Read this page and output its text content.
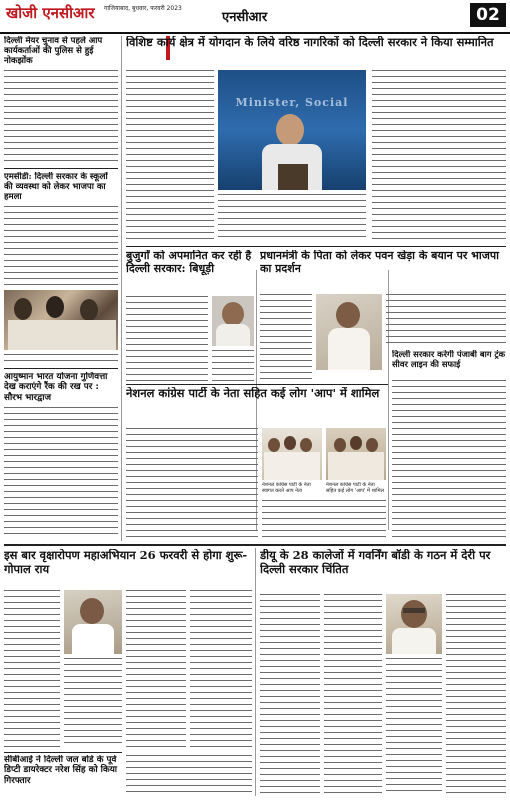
खोजी एनसीआर गाजियाबाद, बुधवार, फरवरी 2023
एनसीआर	02
दिल्ली मेयर चुनाव से पहले आप कार्यकर्ताओं की पुलिस से हुई नोकझोंक
एमसीडी: दिल्ली सरकार के स्कूलों की व्यवस्था को लेकर भाजपा का हमला
आयुष्मान भारत योजना गुणिवत्ता देख कराएंगे रैंक की रख पर : सौरभ भारद्वाज
विशिष्ट कार्य क्षेत्र में योगदान के लिये वरिष्ठ नागरिकों को दिल्ली सरकार ने किया सम्मानित
Minister, Social
बुजुर्गों को अपमानित कर रही है दिल्ली सरकार: बिधूड़ी
प्रधानमंत्री के पिता को लेकर पवन खेड़ा के बयान पर भाजपा का प्रदर्शन
दिल्ली सरकार करेगी पंजाबी बाग ट्रंक सीवर लाइन की सफाई
नेशनल कांग्रेस पार्टी के नेता सहित कई लोग 'आप' में शामिल
नेशनल कांग्रेस पार्टी के नेता स्वागत करते आप नेता
नेशनल कांग्रेस पार्टी के नेता सहित कई लोग 'आप' में शामिल
इस बार वृक्षारोपण महाअभियान 26 फरवरी से होगा शुरू- गोपाल राय
सीबीआई ने दिल्ली जल बोर्ड के पूर्व डिप्टी डायरेक्टर नरेश सिंह को किया गिरफ्तार
डीयू के 28 कालेजों में गवर्निंग बॉडी के गठन में देरी पर दिल्ली सरकार चिंतित
